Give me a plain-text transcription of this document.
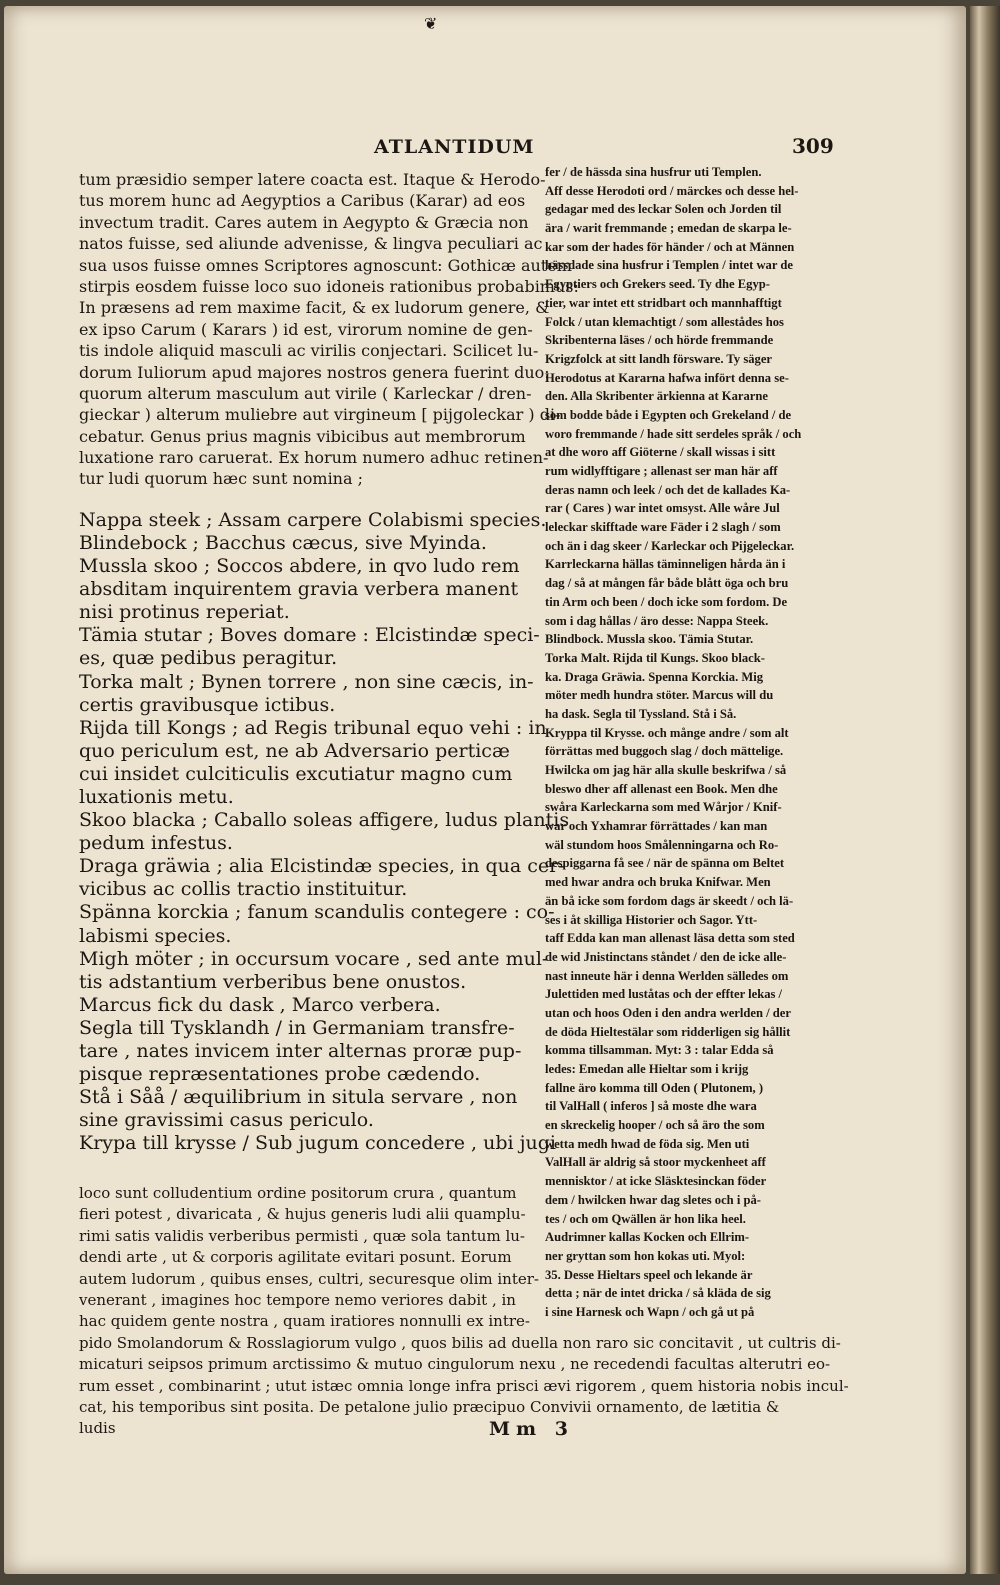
❦
ATLANTIDUM	309
tum præsidio semper latere coacta est. Itaque & Herodo-
tus morem hunc ad Aegyptios a Caribus (Karar) ad eos
invectum tradit. Cares autem in Aegypto & Græcia non
natos fuisse, sed aliunde advenisse, & lingva peculiari ac
sua usos fuisse omnes Scriptores agnoscunt: Gothicæ autem
stirpis eosdem fuisse loco suo idoneis rationibus probabimus:
In præsens ad rem maxime facit, & ex ludorum genere, &
ex ipso Carum ( Karars ) id est, virorum nomine de gen-
tis indole aliquid masculi ac virilis conjectari. Scilicet lu-
dorum Iuliorum apud majores nostros genera fuerint duo:
quorum alterum masculum aut virile ( Karleckar / dren-
gieckar ) alterum muliebre aut virgineum [ pijgoleckar ) di-
cebatur. Genus prius magnis vibicibus aut membrorum
luxatione raro caruerat. Ex horum numero adhuc retinen-
tur ludi quorum hæc sunt nomina ;
Nappa steek ; Assam carpere Colabismi species.
Blindebock ; Bacchus cæcus, sive Myinda.
Mussla skoo ; Soccos abdere, in qvo ludo rem
absditam inquirentem gravia verbera manent
nisi protinus reperiat.
Tämia stutar ; Boves domare : Elcistindæ speci-
es, quæ pedibus peragitur.
Torka malt ; Bynen torrere , non sine cæcis, in-
certis gravibusque ictibus.
Rijda till Kongs ; ad Regis tribunal equo vehi : in
quo periculum est, ne ab Adversario perticæ
cui insidet culciticulis excutiatur magno cum
luxationis metu.
Skoo blacka ; Caballo soleas affigere, ludus plantis
pedum infestus.
Draga gräwia ; alia Elcistindæ species, in qua cer-
vicibus ac collis tractio instituitur.
Spänna korckia ; fanum scandulis contegere : co-
labismi species.
Migh möter ; in occursum vocare , sed ante mul-
tis adstantium verberibus bene onustos.
Marcus fick du dask , Marco verbera.
Segla till Tysklandh / in Germaniam transfre-
tare , nates invicem inter alternas proræ pup-
pisque repræsentationes probe cædendo.
Stå i Såå / æquilibrium in situla servare , non
sine gravissimi casus periculo.
Krypa till krysse / Sub jugum concedere , ubi jugi
fer / de hässda sina husfrur uti Templen.
Aff desse Herodoti ord / märckes och desse hel-
gedagar med des leckar Solen och Jorden til
ära / warit fremmande ; emedan de skarpa le-
kar som der hades för händer / och at Männen
hässdade sina husfrur i Templen / intet war de
Egyptiers och Grekers seed. Ty dhe Egyp-
tier, war intet ett stridbart och mannhafftigt
Folck / utan klemachtigt / som allestådes hos
Skribenterna läses / och hörde fremmande
Krigzfolck at sitt landh försware. Ty säger
Herodotus at Kararna hafwa infört denna se-
den. Alla Skribenter ärkienna at Kararne
som bodde både i Egypten och Grekeland / de
woro fremmande / hade sitt serdeles språk / och
at dhe woro aff Giöterne / skall wissas i sitt
rum widlyfftigare ; allenast ser man här aff
deras namn och leek / och det de kallades Ka-
rar ( Cares ) war intet omsyst. Alle wåre Jul
leleckar skifftade ware Fäder i 2 slagh / som
och än i dag skeer / Karleckar och Pijgeleckar.
Karrleckarna hällas täminneligen hårda än i
dag / så at mången får både blått öga och bru
tin Arm och been / doch icke som fordom. De
som i dag hållas / äro desse: Nappa Steek.
Blindbock. Mussla skoo. Tämia Stutar.
Torka Malt. Rijda til Kungs. Skoo black-
ka. Draga Gräwia. Spenna Korckia. Mig
möter medh hundra stöter. Marcus will du
ha dask. Segla til Tyssland. Stå i Så.
Kryppa til Krysse. och månge andre / som alt
förrättas med buggoch slag / doch mättelige.
Hwilcka om jag här alla skulle beskrifwa / så
bleswo dher aff allenast een Book. Men dhe
swåra Karleckarna som med Wårjor / Knif-
war och Yxhamrar förrättades / kan man
wäl stundom hoos Smålenningarna och Ro-
despiggarna få see / när de spänna om Beltet
med hwar andra och bruka Knifwar. Men
än bå icke som fordom dags är skeedt / och lä-
ses i åt skilliga Historier och Sagor. Ytt-
taff Edda kan man allenast läsa detta som sted
de wid Jnistinctans ståndet / den de icke alle-
nast inneute här i denna Werlden sälledes om
Julettiden med luståtas och der effter lekas /
utan och hoos Oden i den andra werlden / der
de döda Hieltestälar som ridderligen sig hållit
komma tillsamman. Myt: 3 : talar Edda så
ledes: Emedan alle Hieltar som i krijg
fallne äro komma till Oden ( Plutonem, )
til ValHall ( inferos ] så moste dhe wara
en skreckelig hooper / och så äro the som
wetta medh hwad de föda sig. Men uti
ValHall är aldrig så stoor myckenheet aff
mennisktor / at icke Släsktesinckan föder
dem / hwilcken hwar dag sletes och i på-
tes / och om Qwällen är hon lika heel.
Audrimner kallas Kocken och Ellrim-
ner gryttan som hon kokas uti. Myol:
35. Desse Hieltars speel och lekande är
detta ; när de intet dricka / så kläda de sig
i sine Harnesk och Wapn / och gå ut på
loco sunt colludentium ordine positorum crura , quantum
fieri potest , divaricata , & hujus generis ludi alii quamplu-
rimi satis validis verberibus permisti , quæ sola tantum lu-
dendi arte , ut & corporis agilitate evitari posunt. Eorum
autem ludorum , quibus enses, cultri, securesque olim inter-
venerant , imagines hoc tempore nemo veriores dabit , in
hac quidem gente nostra , quam iratiores nonnulli ex intre-
pido Smolandorum & Rosslagiorum vulgo , quos bilis ad duella non raro sic concitavit , ut cultris di-
micaturi seipsos primum arctissimo & mutuo cingulorum nexu , ne recedendi facultas alterutri eo-
rum esset , combinarint ; utut istæc omnia longe infra prisci ævi rigorem , quem historia nobis incul-
cat, his temporibus sint posita. De petalone julio præcipuo Convivii ornamento, de lætitia &
ludis	Mm 3
